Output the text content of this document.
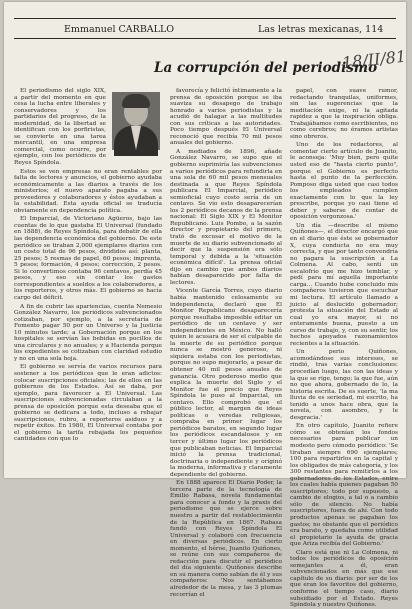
Emmanuel CARBALLO	Las letras mexicanas, 114
18/II/81
La corrupción del periodismo

El periodismo del siglo XIX, a partir del momento en que cesa la lucha entre liberales y conservadores y los partidarios del progreso, de la modernidad, de la libertad se identifican con los porfiristas, se convierte en una tarea mercantil, en una empresa comercial, como ocurre, por ejemplo, con los periódicos de Reyes Spíndola.

Estos se ven empresas no eran rentables por falta de lectores y anuncios, el gobierno ayudaba económicamente a las diarios a través de los ministerios; el nuevo aparato pagaba a sus proveedores y colaboradores y éstos ayudaban a la estabilidad. Esta ayuda oficial se traducía obviamente en dependencia política.

El Imparcial, de Victoriano Agüeros, bajo las cuentas de lo que gastaba El Universal (fundado en 1888), de Reyes Spíndola, para debatir de ella las dependencia económica del gobierno. De este periódico se tiraban 2,000 ejemplares diarios con un costo total de 96 pesos, divididos así: planta, 25 pesos; 5 resmas de papel, 60 pesos; imprenta, 5 pesos; formación, 4 pesos; corrección, 2 pesos. Si lo convertimos contaba 96 centavos, perdía 45 pesos, y eso sin contar los gastos correspondientes a sueldos a los colaboradores, a los reporteros, y otros más. El gobierno se hacía cargo del déficit.

A fin de cubrir las apariencias, cuenta Nemesio González Navarro, los periódicos subvencionados cotizaban, por ejemplo, a la secretaría de Fomento pagar 50 por un Universo y la Justicia 10 minutos tarde; a Gobernación porque en los hospitales se servían las bebidas en pocillos de una circulares y no anuales; y a Hacienda porque los expedientes se cotizaban con claridad estudio y no en una sola hoja.

El gobierno se servía de varios recursos para sostener a los periódicos que le eran adictos: colocar suscripciones oficiales; las de ellos en las gobiernos de los Estados. Así se daba, por ejemplo, para favorecer a El Universal. Las suscripciones subvencionadas circulaban a la prensa de oposición porque esta deseaba que el gobierno se dedicara a todo, incluso a rebajar suscripciones, rubro, a reporteros asiduos y a repetir éxitos. En 1980, El Universal contaba por el gobierno la tarifa rebajada los pequeños cantidades con que lo

favorecía y felicitó íntimamente a la prensa de oposición porque se iba suaviza su desapego de trabajo honrado a varios periodistas y la acudió de halagar a las multitudes con sus críticas a las autoridades. Poco tiempo después El Universal reconoció que recibía 70 mil pesos anuales del gobierno.

A mediados de 1896, añade González Navarro, se supo que el gobierno suprimiría las subvenciones a varios periódicos para refundirla en una sola de 60 mil pesos mensuales destinada a que Reyes Spíndola publicara El Imparcial, periódico semioficial cuyo costo sería de un centavo. Se vio esto desaparecerían los 2 periódicos decanos de la prensa nacional: El Siglo XIX y El Monitor Republicano. Luis Pombo, a la sazón director y propietario del primero, trató de excusar el motivo de la muerte de su diario subvencionado al decir que la suspensión era sólo temporal y debida a la 'situación económica difícil'. La prensa oficial dijo en cambio que ambos diarios habían desaparecido por falta de lectores.

Vicente García Torres, cuyo diario había mantenido celosamente su independencia, declaró que El Monitor Republicano desaparecería porque resultaba imposible editar un periódico de un centavo y ser independientes en México. No halló quien le acusara de ser el culpable de la muerte de su periódico porque nunca se mostró generoso, ni siquiera estaba con los periodistas, porque no supo mejorarlo, a pesar de obtener 40 mil pesos anuales de ganancia. Otro poderoso medio que explica la muerte del Siglo y el Monitor fue el precio que Reyes Spíndola le puso al Imparcial, un centavo. Ello comprobó que el público lector, al margen de ideas políticas o veredas religiosas, compraba en primer lugar los periódicos baratos, en segundo lugar los periódicos escandalosos y en tercer y último lugar los periódicos que publicaban noticias. El Imparcial inició la prensa tradicional, doctrinaria o independiente y originó la moderna, informativa y claramente dependiente del gobierno.

En 1888 aparece El Diario Poder, la tercera parte de la tecnología de Emilio Rabasa, novela fundamental para conocer a fondo y la praxis del periodismo que se ejerce sobre nuestro a partir del restablecimiento de la República en 1867. Rabasa fundó con Reyes Spíndola El Universal y colaboró con frecuencia en diversas periódicos. En cierto momento, el héroe, Juanito Quiñones, se reúne con sus compañeros de redacción para discutir el periódico del día siguiente. Quiñones describe en su manera como sabían de él y sus compañeros: 'Nos sentábamos alrededor de la mesa, y las 3 plumas recorrían el

papel, con suave rumor, redactando tranquilas, uniformes, sin las sugerencias que la meditación exige, ni la agitada rapidez a que la inspiración obliga. Trabajábamos como escribientes, no como cerebros; no éramos artistas sino obreros.

Uno de los redactores, al comentar cierto artículo de Juanito, le aconseja: 'Muy bien, pero quite usted eso de "hasta cierto punto", porque el Gobierno es perfecto hasta el punto de la perfección. Pomposo diga usted que casi todos los empleados cumplen exactamente con lo que la ley prescribe, porque yo casi tiene el deber y saberse de contar de oposición vergonzosa.'

Un día —describe el mismo Quiñones—, el director encargó que en el diario que éste se gobernador X, cuya conducta no era muy correcta, y que por tanto convendría no pagara la suscripción a La Colmena. Al cabo, sentí un escalofrío que me hizo temblar, y pedí para mí aquella importante carga... Cuando hube concluido mis compañeros tuvieron que escuchar mi lectura. El artículo llamado a juicio al deslucido gobernador; protesta la situación del Estado al cual yo era mayor, si no enteramente buena, puesto a un curso de trabajo, y, con su sentir, los hechos apoyados razonamientos recientes a la situación.

Un perio Quiñones, acomodándose sus intereses, se rindió, tras varias conclusiones: procedían luego, las con las ideas y la que se rige, tengo; la que fue, aún no que ahora, gobernado de lo, la historia escrita. De es suerte, 'la ma lluvia de es seriedad, mi escrito, ha tenido a unos hace obra, que la novela, con asombro, y le desgracia.'

En otro capítulo, Juanito refiere cómo se obtenían los fondos necesarios para publicar un modesto pero cómodo periódico: 'Se tiraban siempre 690 ejemplares; 100 para repartirlos en la capital y los obligados de más categoría, y los 300 restantes para remitirlos a los gobernadores de los Estados, entre los cuales había quienes pagaban 50 suscriptores; todo por supuesto, a cambio de elogios, a tal o a cambio sólo de silencio. No había suscriptores, fuera de ahí. Con todo productos apenas se pagaban los gastos; no obstante que el periódico era barato, y quedaba como utilidad el propietario la ayuda de gracia que Ariza recibía del Gobierno.'

Claro está que ni La Colmena, ni todos los periódicos de oposición semejantes a él, eran subvencionados en más que ese capítulo de su diario: por ser de los que eran los favoritos del gobierno, conforme el tiempo caso, diario subsidiado por el Estado. Reyes Spíndola y nuestro Quiñones.
